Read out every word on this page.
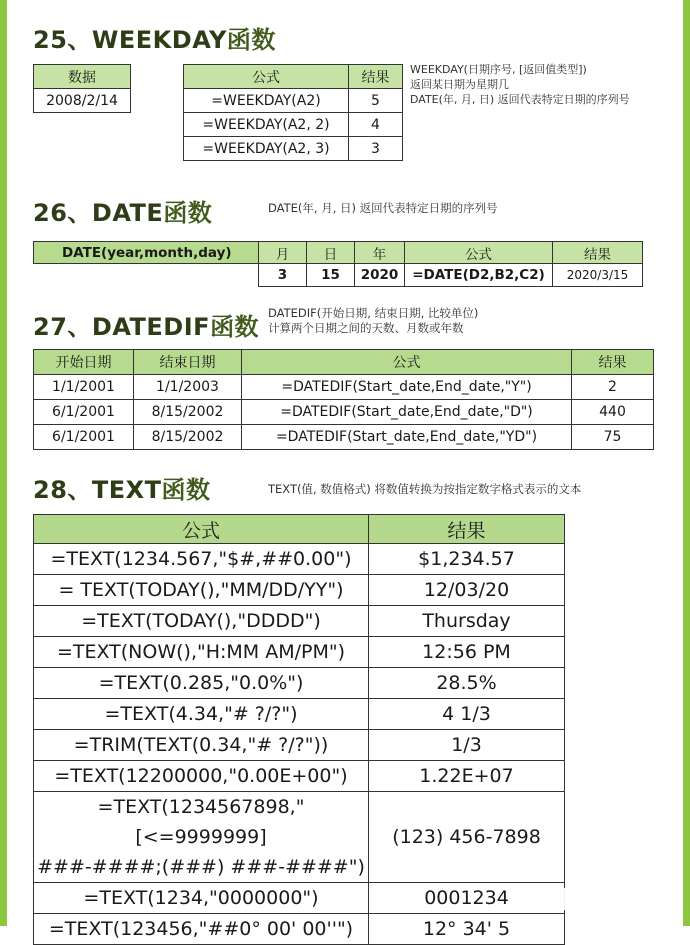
25、WEEKDAY函数
数据
2008/2/14
公式	结果
=WEEKDAY(A2)	5
=WEEKDAY(A2, 2)	4
=WEEKDAY(A2, 3)	3
WEEKDAY(日期序号, [返回值类型])
返回某日期为星期几
DATE(年, 月, 日) 返回代表特定日期的序列号
26、DATE函数	DATE(年, 月, 日) 返回代表特定日期的序列号
DATE(year,month,day)	月	日	年	公式	结果
	3	15	2020	=DATE(D2,B2,C2)	2020/3/15
27、DATEDIF函数 DATEDIF(开始日期, 结束日期, 比较单位)
计算两个日期之间的天数、月数或年数
开始日期	结束日期	公式	结果
1/1/2001	1/1/2003	=DATEDIF(Start_date,End_date,"Y")	2
6/1/2001	8/15/2002	=DATEDIF(Start_date,End_date,"D")	440
6/1/2001	8/15/2002	=DATEDIF(Start_date,End_date,"YD")	75
28、TEXT函数	TEXT(值, 数值格式) 将数值转换为按指定数字格式表示的文本
公式	结果
=TEXT(1234.567,"$#,##0.00")	$1,234.57
= TEXT(TODAY(),"MM/DD/YY")	12/03/20
=TEXT(TODAY(),"DDDD")	Thursday
=TEXT(NOW(),"H:MM AM/PM")	12:56 PM
=TEXT(0.285,"0.0%")	28.5%
=TEXT(4.34,"# ?/?")	4 1/3
=TRIM(TEXT(0.34,"# ?/?"))	1/3
=TEXT(12200000,"0.00E+00")	1.22E+07

=TEXT(1234567898,"[<=9999999]
###-####;(###) ###-####")	(123) 456-7898
=TEXT(1234,"0000000")	0001234
=TEXT(123456,"##0° 00' 00''")	12° 34' 5
